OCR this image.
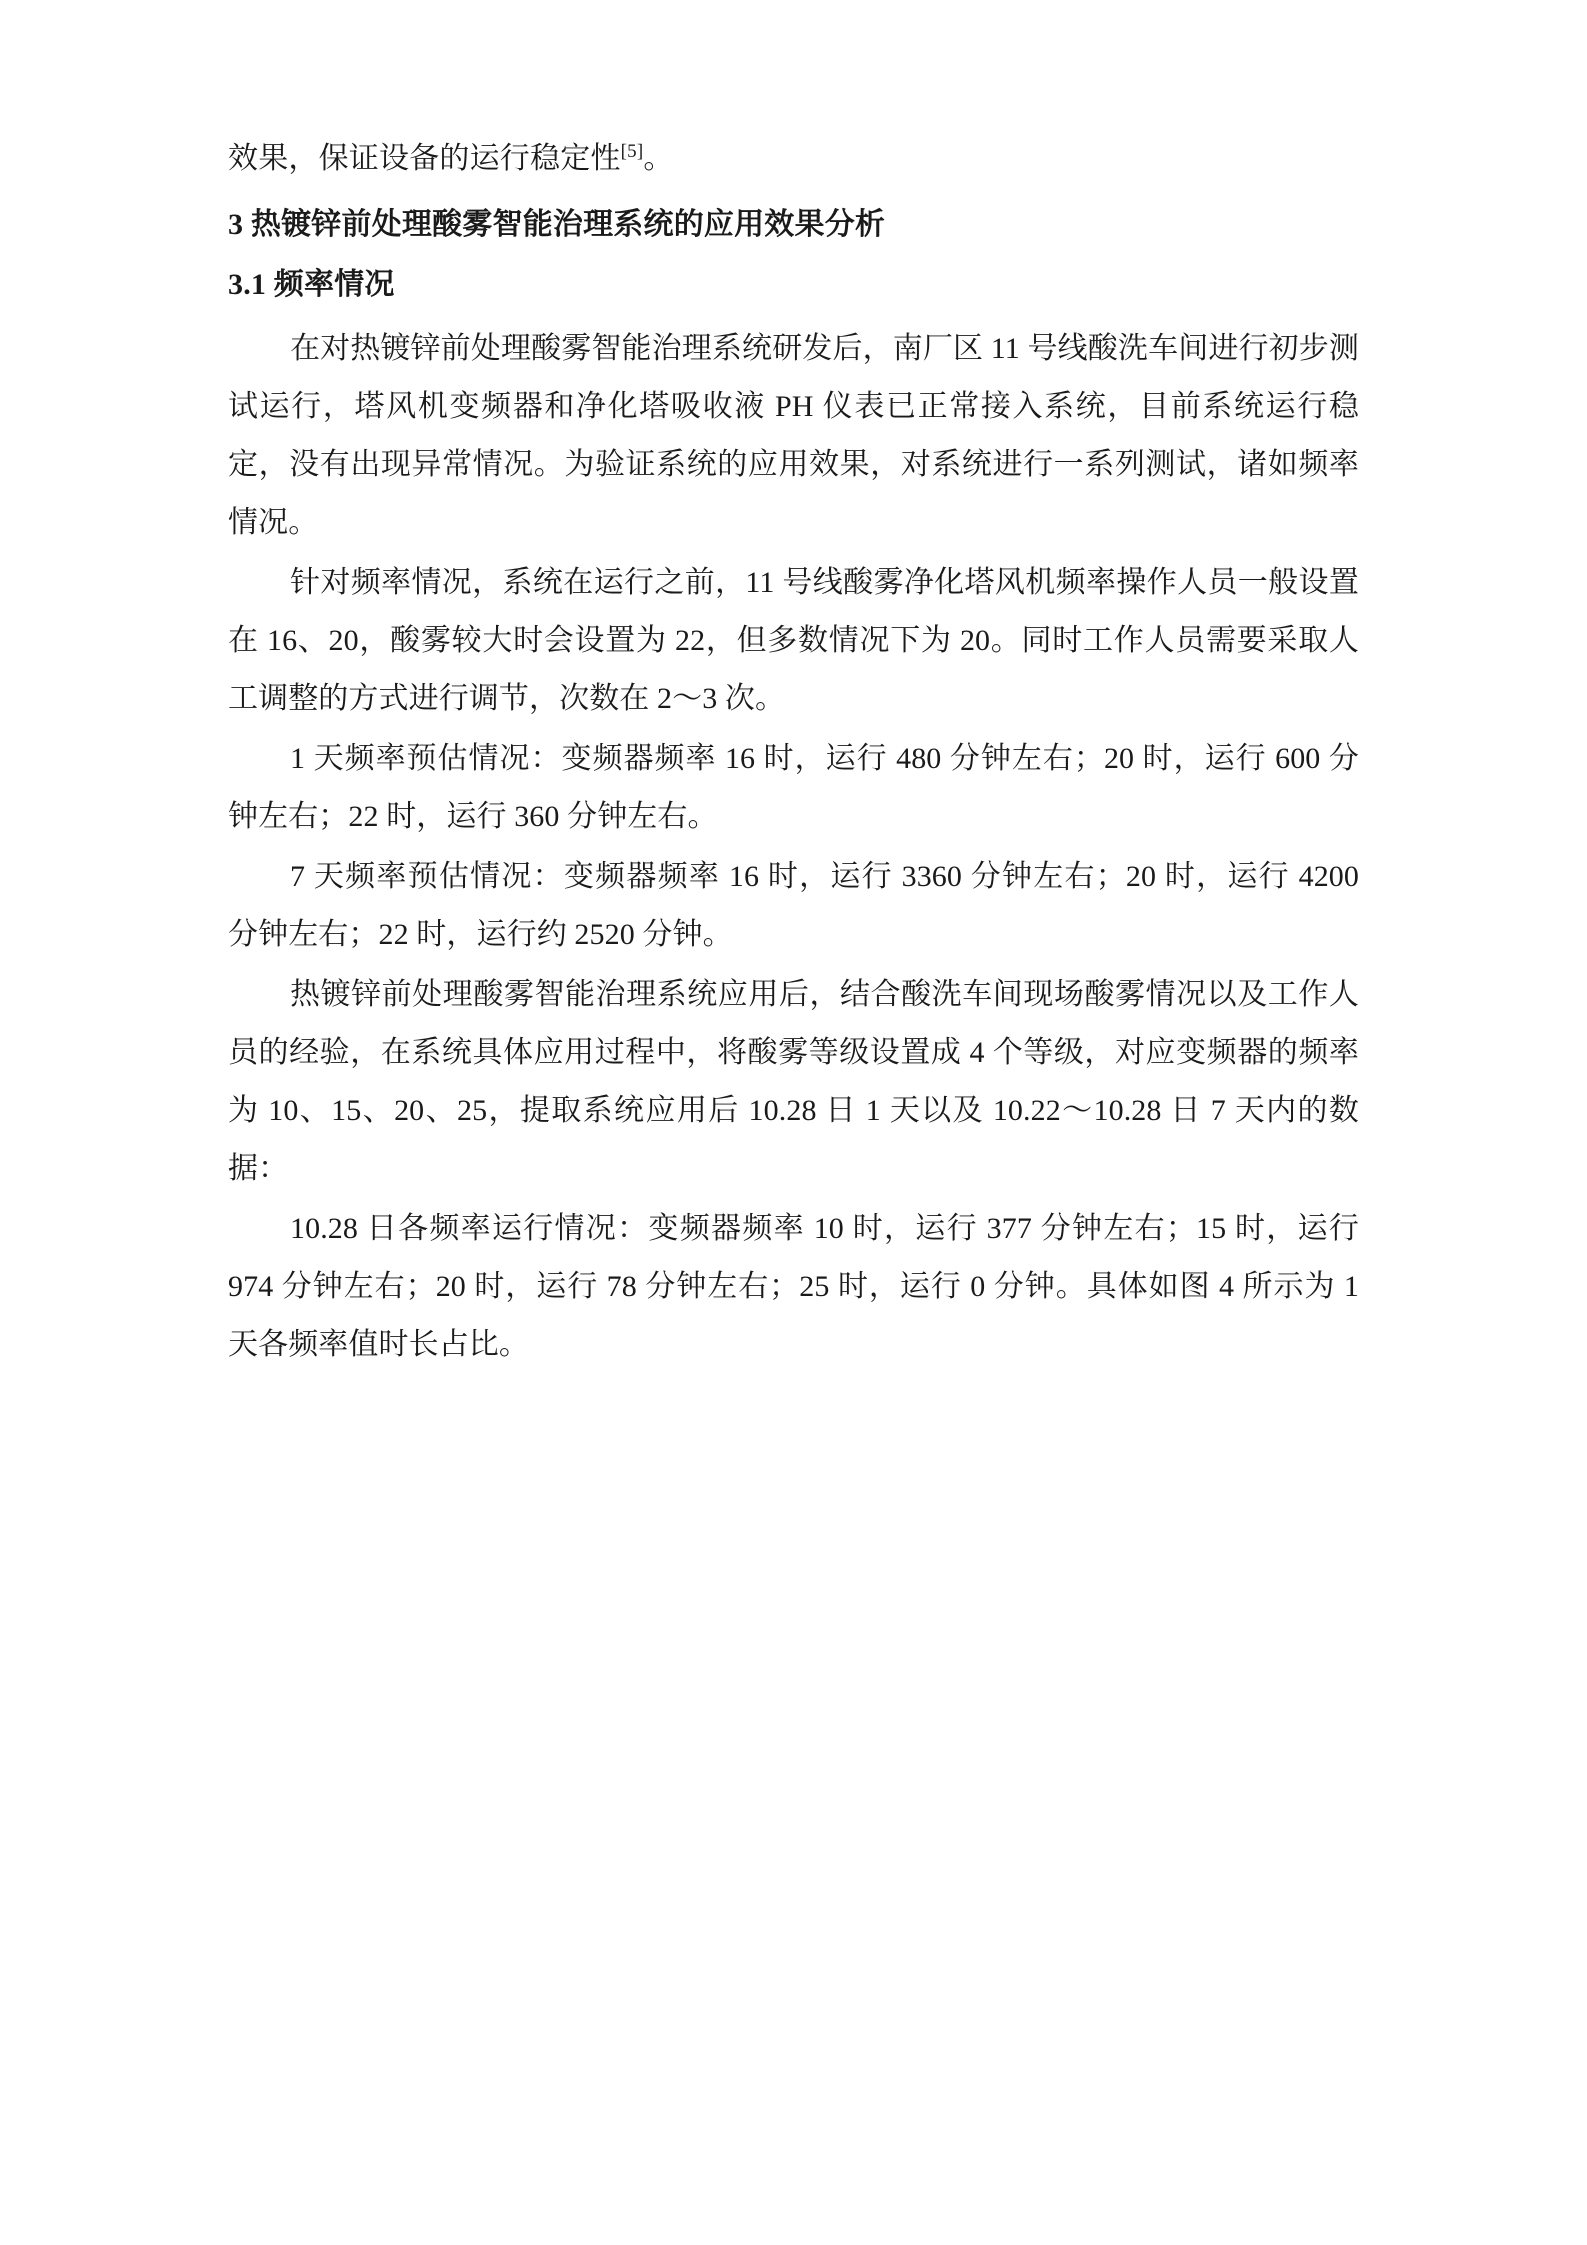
效果，保证设备的运行稳定性[5]。

3 热镀锌前处理酸雾智能治理系统的应用效果分析
3.1 频率情况

在对热镀锌前处理酸雾智能治理系统研发后，南厂区 11 号线酸洗车间进行初步测试运行，塔风机变频器和净化塔吸收液 PH 仪表已正常接入系统，目前系统运行稳定，没有出现异常情况。为验证系统的应用效果，对系统进行一系列测试，诸如频率情况。

针对频率情况，系统在运行之前，11 号线酸雾净化塔风机频率操作人员一般设置在 16、20，酸雾较大时会设置为 22，但多数情况下为 20。同时工作人员需要采取人工调整的方式进行调节，次数在 2～3 次。

1 天频率预估情况：变频器频率 16 时，运行 480 分钟左右；20 时，运行 600 分钟左右；22 时，运行 360 分钟左右。

7 天频率预估情况：变频器频率 16 时，运行 3360 分钟左右；20 时，运行 4200 分钟左右；22 时，运行约 2520 分钟。

热镀锌前处理酸雾智能治理系统应用后，结合酸洗车间现场酸雾情况以及工作人员的经验，在系统具体应用过程中，将酸雾等级设置成 4 个等级，对应变频器的频率为 10、15、20、25，提取系统应用后 10.28 日 1 天以及 10.22～10.28 日 7 天内的数据：

10.28 日各频率运行情况：变频器频率 10 时，运行 377 分钟左右；15 时，运行 974 分钟左右；20 时，运行 78 分钟左右；25 时，运行 0 分钟。具体如图 4 所示为 1 天各频率值时长占比。
